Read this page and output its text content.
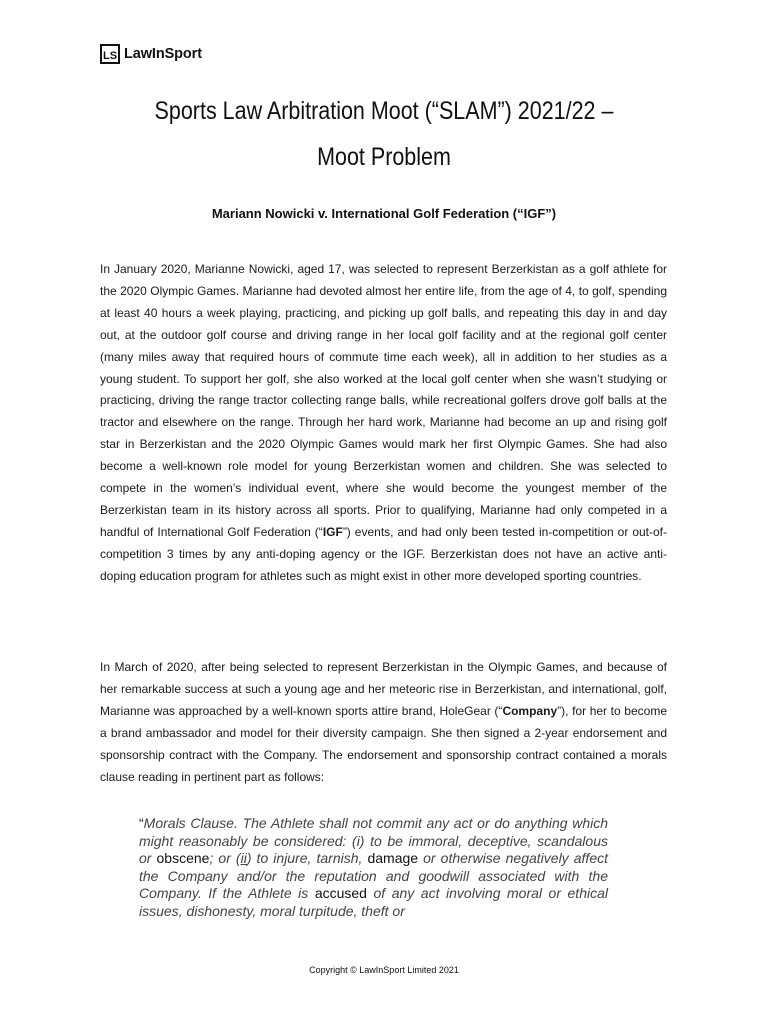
LS LawInSport
Sports Law Arbitration Moot (“SLAM”) 2021/22 –
Moot Problem

Mariann Nowicki v. International Golf Federation (“IGF”)

In January 2020, Marianne Nowicki, aged 17, was selected to represent Berzerkistan as a golf athlete for the 2020 Olympic Games. Marianne had devoted almost her entire life, from the age of 4, to golf, spending at least 40 hours a week playing, practicing, and picking up golf balls, and repeating this day in and day out, at the outdoor golf course and driving range in her local golf facility and at the regional golf center (many miles away that required hours of commute time each week), all in addition to her studies as a young student. To support her golf, she also worked at the local golf center when she wasn’t studying or practicing, driving the range tractor collecting range balls, while recreational golfers drove golf balls at the tractor and elsewhere on the range. Through her hard work, Marianne had become an up and rising golf star in Berzerkistan and the 2020 Olympic Games would mark her first Olympic Games. She had also become a well-known role model for young Berzerkistan women and children. She was selected to compete in the women’s individual event, where she would become the youngest member of the Berzerkistan team in its history across all sports. Prior to qualifying, Marianne had only competed in a handful of International Golf Federation (“IGF”) events, and had only been tested in-competition or out-of-competition 3 times by any anti-doping agency or the IGF. Berzerkistan does not have an active anti-doping education program for athletes such as might exist in other more developed sporting countries.

In March of 2020, after being selected to represent Berzerkistan in the Olympic Games, and because of her remarkable success at such a young age and her meteoric rise in Berzerkistan, and international, golf, Marianne was approached by a well-known sports attire brand, HoleGear (“Company”), for her to become a brand ambassador and model for their diversity campaign. She then signed a 2-year endorsement and sponsorship contract with the Company. The endorsement and sponsorship contract contained a morals clause reading in pertinent part as follows:

“Morals Clause. The Athlete shall not commit any act or do anything which might reasonably be considered: (i) to be immoral, deceptive, scandalous or obscene; or (ii) to injure, tarnish, damage or otherwise negatively affect the Company and/or the reputation and goodwill associated with the Company. If the Athlete is accused of any act involving moral or ethical issues, dishonesty, moral turpitude, theft or

Copyright © LawInSport Limited 2021
